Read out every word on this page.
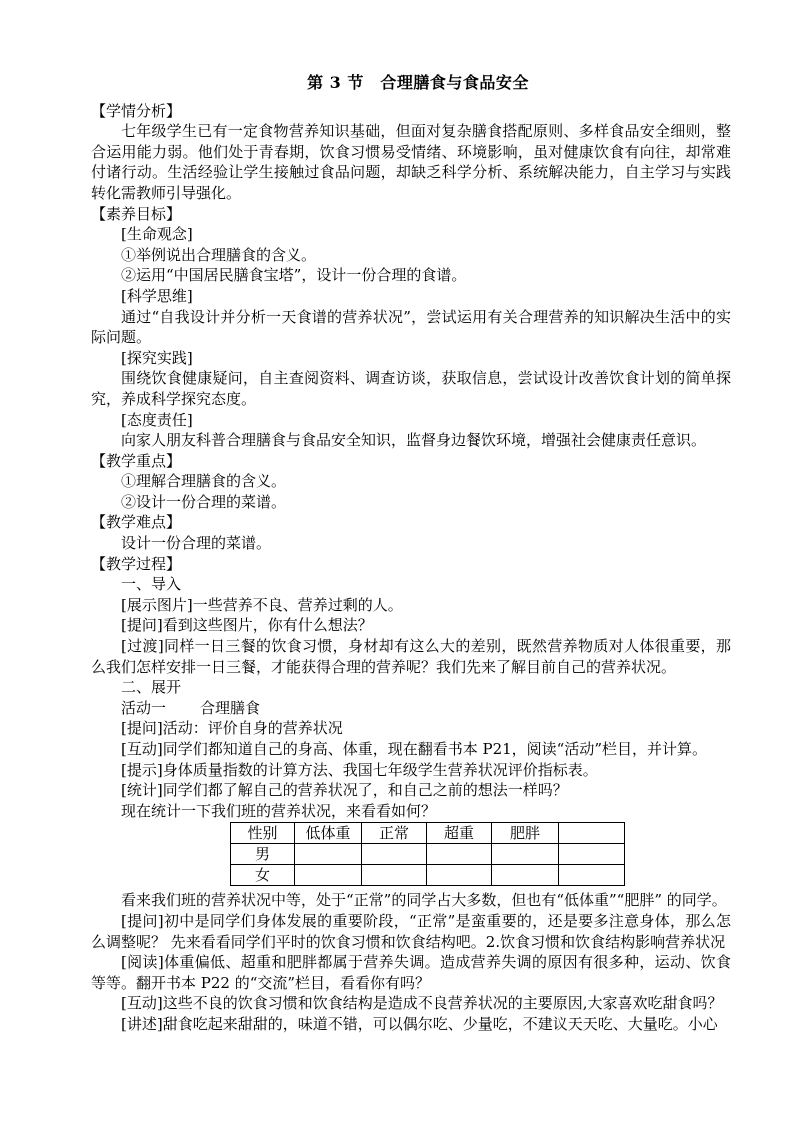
第 3 节　合理膳食与食品安全
【学情分析】
七年级学生已有一定食物营养知识基础，但面对复杂膳食搭配原则、多样食品安全细则，整合运用能力弱。他们处于青春期，饮食习惯易受情绪、环境影响，虽对健康饮食有向往，却常难付诸行动。生活经验让学生接触过食品问题，却缺乏科学分析、系统解决能力，自主学习与实践转化需教师引导强化。
【素养目标】
[生命观念]
①举例说出合理膳食的含义。
②运用“中国居民膳食宝塔”，设计一份合理的食谱。
[科学思维]
通过“自我设计并分析一天食谱的营养状况”，尝试运用有关合理营养的知识解决生活中的实际问题。
[探究实践]
围绕饮食健康疑问，自主查阅资料、调查访谈，获取信息，尝试设计改善饮食计划的简单探究，养成科学探究态度。
[态度责任]
向家人朋友科普合理膳食与食品安全知识，监督身边餐饮环境，增强社会健康责任意识。
【教学重点】
①理解合理膳食的含义。
②设计一份合理的菜谱。
【教学难点】
设计一份合理的菜谱。
【教学过程】
一、导入
[展示图片]一些营养不良、营养过剩的人。
[提问]看到这些图片，你有什么想法？
[过渡]同样一日三餐的饮食习惯，身材却有这么大的差别，既然营养物质对人体很重要，那么我们怎样安排一日三餐，才能获得合理的营养呢？我们先来了解目前自己的营养状况。
二、展开
活动一 合理膳食
[提问]活动：评价自身的营养状况
[互动]同学们都知道自己的身高、体重，现在翻看书本 P21，阅读“活动”栏目，并计算。
[提示]身体质量指数的计算方法、我国七年级学生营养状况评价指标表。
[统计]同学们都了解自己的营养状况了，和自己之前的想法一样吗？
现在统计一下我们班的营养状况，来看看如何？
性别	低体重	正常	超重	肥胖	
男					
女					
看来我们班的营养状况中等，处于“正常”的同学占大多数，但也有“低体重”“肥胖” 的同学。
[提问]初中是同学们身体发展的重要阶段，“正常”是蛮重要的，还是要多注意身体，那么怎么调整呢？ 先来看看同学们平时的饮食习惯和饮食结构吧。2.饮食习惯和饮食结构影响营养状况
[阅读]体重偏低、超重和肥胖都属于营养失调。造成营养失调的原因有很多种，运动、饮食等等。翻开书本 P22 的“交流”栏目，看看你有吗？
[互动]这些不良的饮食习惯和饮食结构是造成不良营养状况的主要原因,大家喜欢吃甜食吗？
[讲述]甜食吃起来甜甜的，味道不错，可以偶尔吃、少量吃，不建议天天吃、大量吃。小心
